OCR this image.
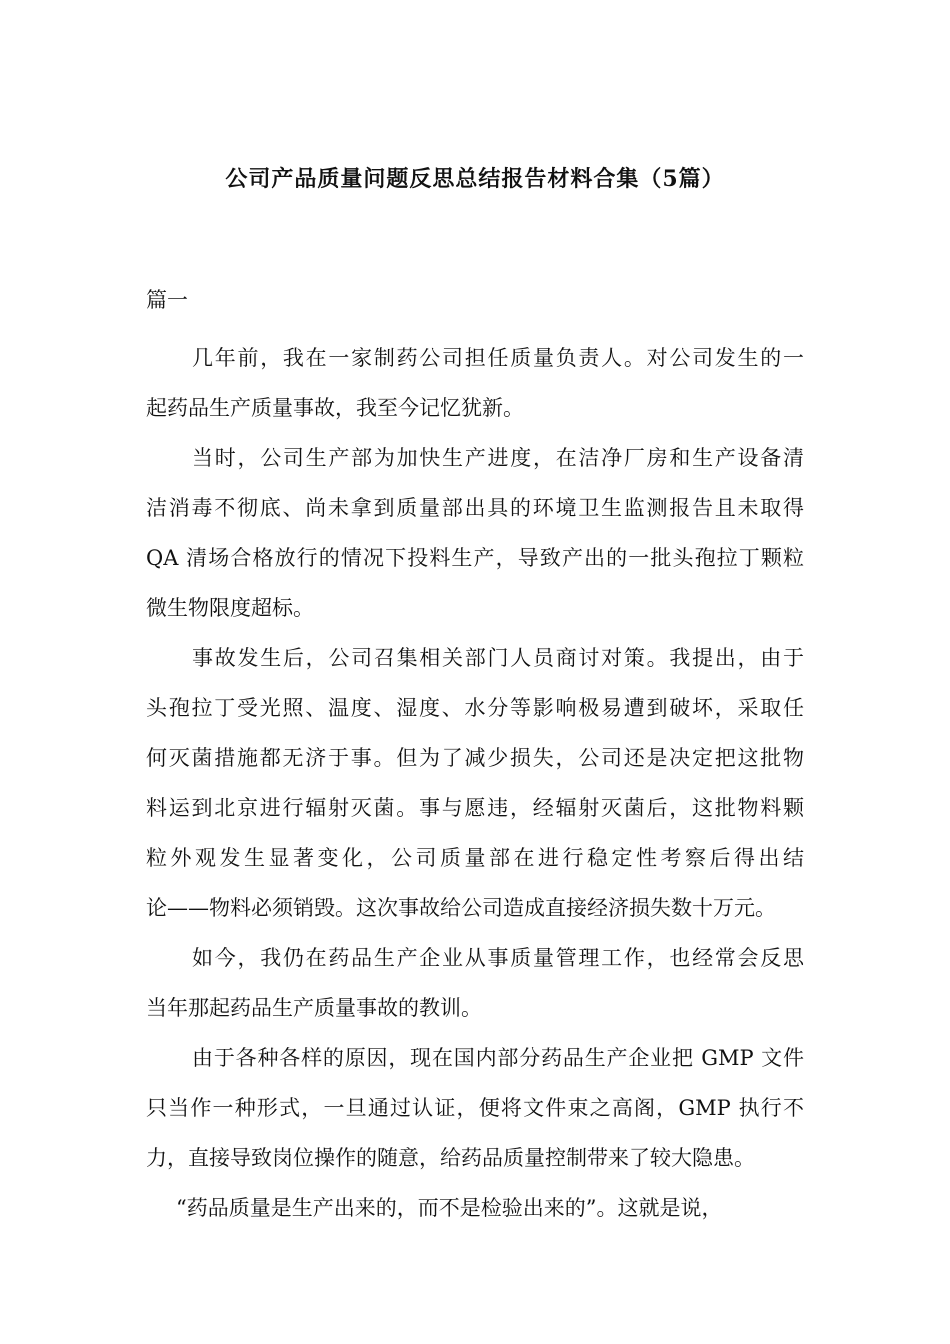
公司产品质量问题反思总结报告材料合集（5篇）
篇一
几年前，我在一家制药公司担任质量负责人。对公司发生的一
起药品生产质量事故，我至今记忆犹新。
当时，公司生产部为加快生产进度，在洁净厂房和生产设备清
洁消毒不彻底、尚未拿到质量部出具的环境卫生监测报告且未取得
QA 清场合格放行的情况下投料生产，导致产出的一批头孢拉丁颗粒
微生物限度超标。
事故发生后，公司召集相关部门人员商讨对策。我提出，由于
头孢拉丁受光照、温度、湿度、水分等影响极易遭到破坏，采取任
何灭菌措施都无济于事。但为了减少损失，公司还是决定把这批物
料运到北京进行辐射灭菌。事与愿违，经辐射灭菌后，这批物料颗
粒外观发生显著变化，公司质量部在进行稳定性考察后得出结
论——物料必须销毁。这次事故给公司造成直接经济损失数十万元。
如今，我仍在药品生产企业从事质量管理工作，也经常会反思
当年那起药品生产质量事故的教训。
由于各种各样的原因，现在国内部分药品生产企业把 GMP 文件
只当作一种形式，一旦通过认证，便将文件束之高阁，GMP 执行不
力，直接导致岗位操作的随意，给药品质量控制带来了较大隐患。
“药品质量是生产出来的，而不是检验出来的”。这就是说，
